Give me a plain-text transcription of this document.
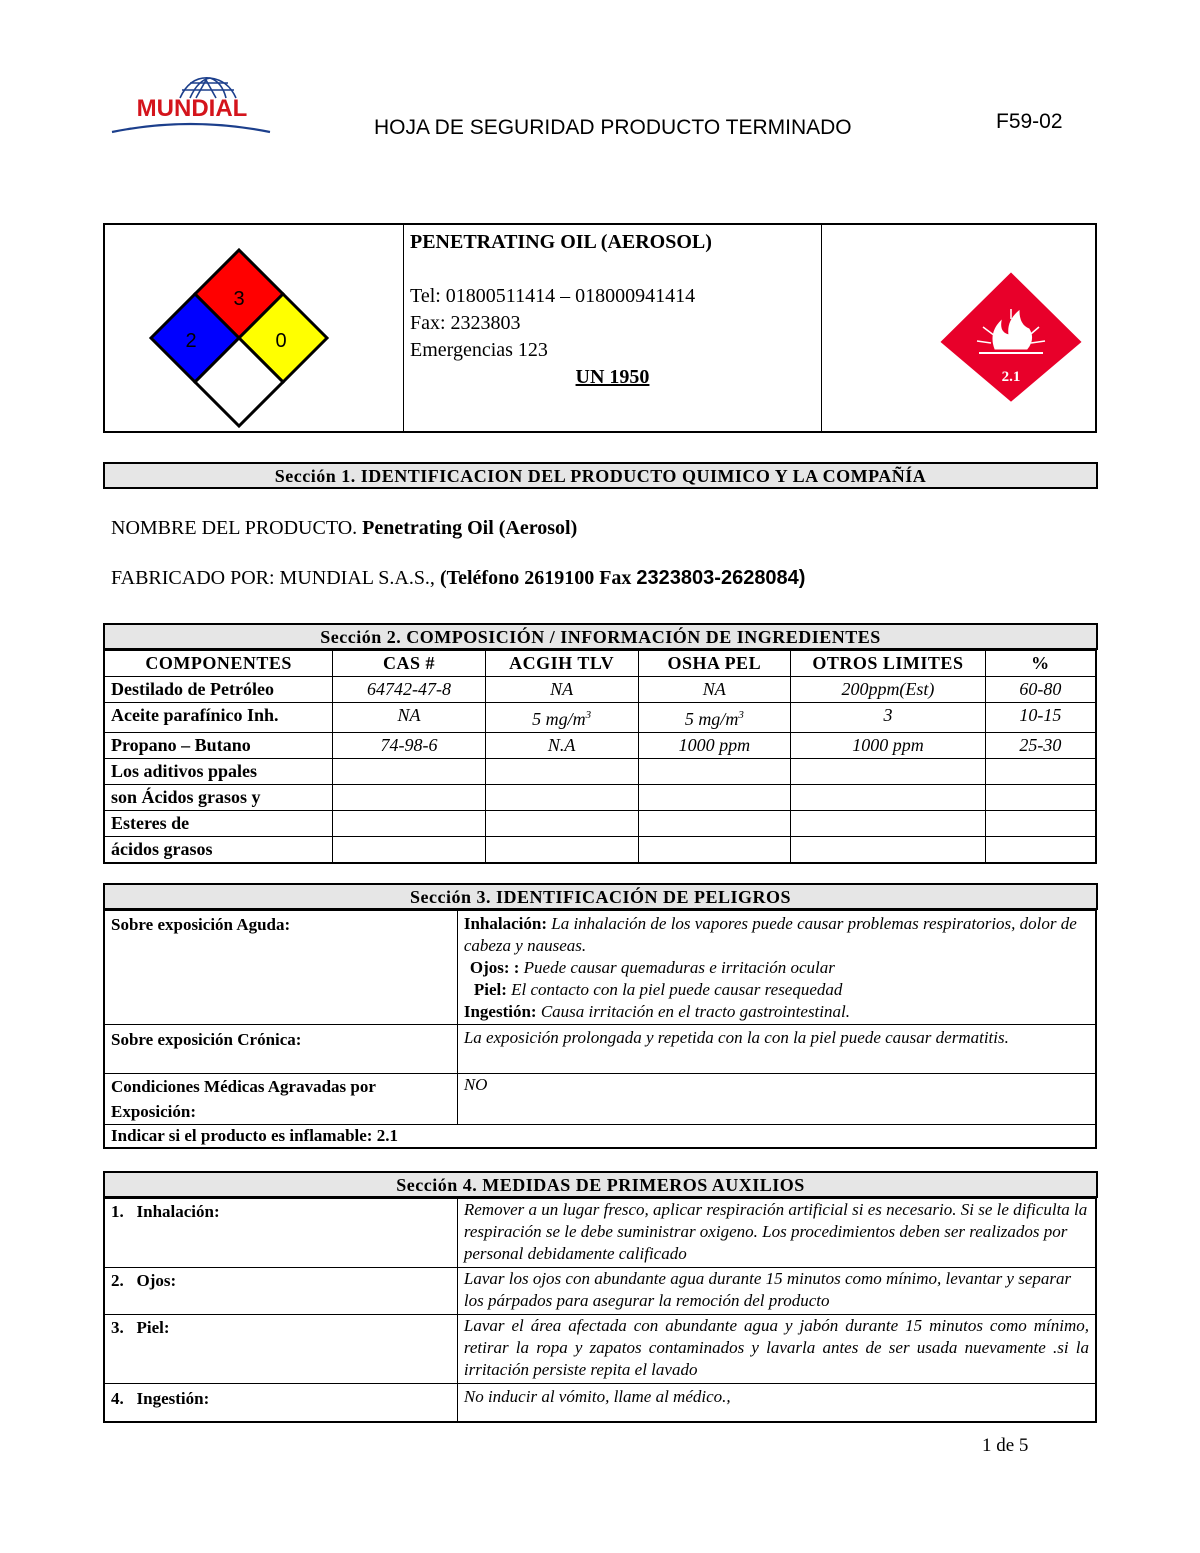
MUNDIAL
HOJA DE SEGURIDAD PRODUCTO TERMINADO	F59-02
3
2	0
PENETRATING OIL (AEROSOL)
Tel: 01800511414 – 018000941414
Fax: 2323803
Emergencias 123
UN 1950	2.1
Sección 1. IDENTIFICACION DEL PRODUCTO QUIMICO Y LA COMPAÑÍA
NOMBRE DEL PRODUCTO. Penetrating Oil (Aerosol)
FABRICADO POR: MUNDIAL S.A.S., (Teléfono 2619100 Fax 2323803-2628084)
Sección 2. COMPOSICIÓN / INFORMACIÓN DE INGREDIENTES
COMPONENTES	CAS #	ACGIH TLV	OSHA PEL	OTROS LIMITES	%
Destilado de Petróleo	64742-47-8	NA	NA	200ppm(Est)	60-80
Aceite parafínico Inh.	NA	5 $mg/m^3$	5 $mg/m^3$	3	10-15
Propano – Butano	74-98-6	N.A	1000 ppm	1000 ppm	25-30
Los aditivos ppales					
son Ácidos grasos y					
Esteres de					
ácidos grasos					
Sección 3. IDENTIFICACIÓN DE PELIGROS
Sobre exposición Aguda:	Inhalación: La inhalación de los vapores puede causar problemas respiratorios, dolor de cabeza y nauseas.
Ojos: : Puede causar quemaduras e irritación ocular
Piel: El contacto con la piel puede causar resequedad
Ingestión: Causa irritación en el tracto gastrointestinal.

Sobre exposición Crónica:	La exposición prolongada y repetida con la con la piel puede causar dermatitis.
Condiciones Médicas Agravadas por Exposición:	NO
Indicar si el producto es inflamable: 2.1	
Sección 4. MEDIDAS DE PRIMEROS AUXILIOS
1. Inhalación:	Remover a un lugar fresco, aplicar respiración artificial si es necesario. Si se le dificulta la respiración se le debe suministrar oxigeno. Los procedimientos deben ser realizados por personal debidamente calificado
2. Ojos:	Lavar los ojos con abundante agua durante 15 minutos como mínimo, levantar y separar los párpados para asegurar la remoción del producto
3. Piel:	Lavar el área afectada con abundante agua y jabón durante 15 minutos como mínimo, retirar la ropa y zapatos contaminados y lavarla antes de ser usada nuevamente .si la irritación persiste repita el lavado
4. Ingestión:	No inducir al vómito, llame al médico.,
1 de 5
